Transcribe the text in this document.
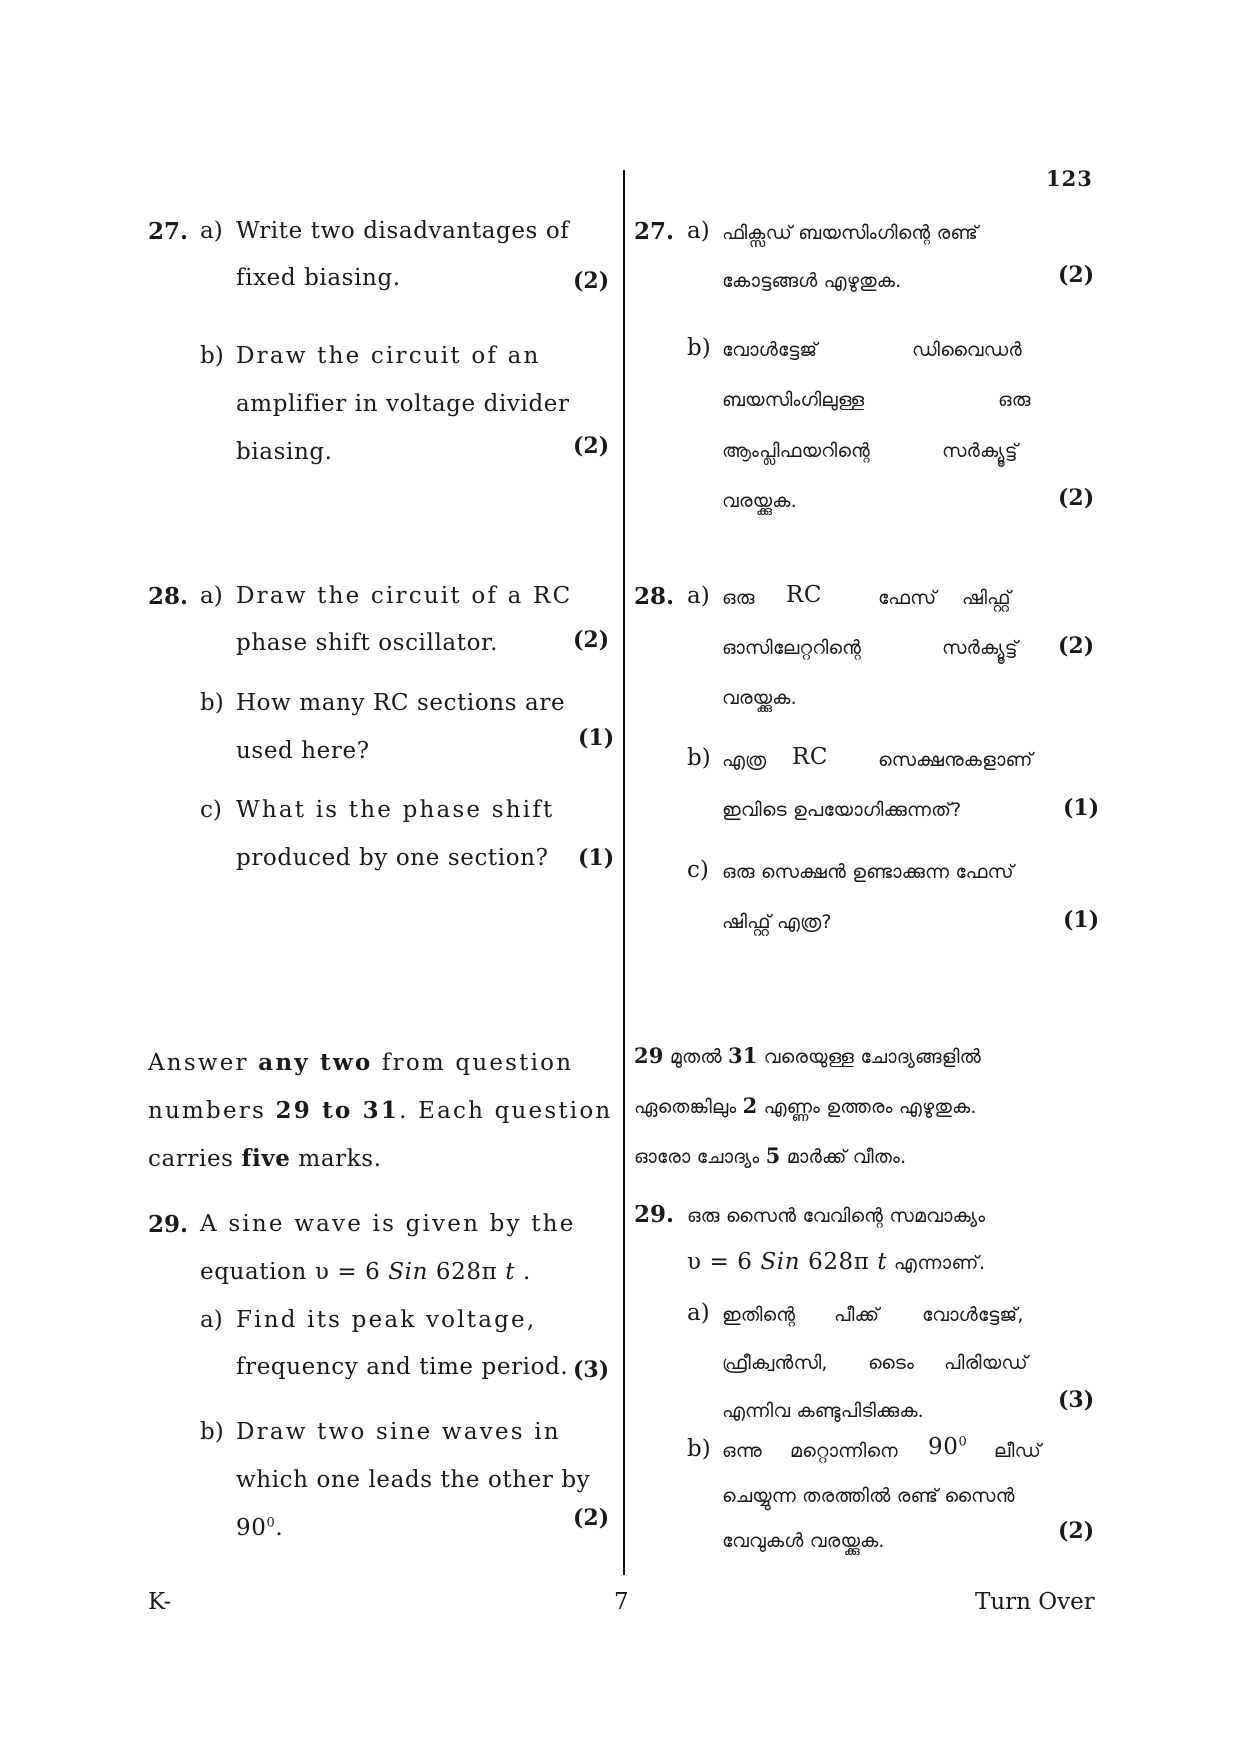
123
27. a) Write two disadvantages of
fixed biasing.	(2)
b) Draw the circuit of an
amplifier in voltage divider
biasing.	(2)
28. a) Draw the circuit of a RC
phase shift oscillator.	(2)
b) How many RC sections are
used here?	(1)
c) What is the phase shift
produced by one section? (1)
Answer any two from question
numbers 29 to 31. Each question
carries five marks.
29. A sine wave is given by the
equation υ = 6 Sin 628π t .
a) Find its peak voltage,
frequency and time period. (3)
b) Draw two sine waves in
which one leads the other by
$90^0$.	(2)
27. a) ഫിക്സഡ് ബയസിംഗിന്റെ രണ്ട്
കോട്ടങ്ങൾ എഴുതുക.	(2)
b) വോൾട്ടേജ്	ഡിവൈഡർ
ബയസിംഗിലുള്ള	ഒരു
ആംപ്ലിഫയറിന്റെ	സർക്യൂട്ട്
വരയ്ക്കുക.	(2)
28. a) ഒരു RC	ഫേസ് ഷിഫ്റ്റ്
ഓസിലേറ്ററിന്റെ	സർക്യൂട്ട് (2)
വരയ്ക്കുക.
b) എത്ര RC	സെക്ഷനുകളാണ്
ഇവിടെ ഉപയോഗിക്കുന്നത്?	(1)
c) ഒരു സെക്ഷൻ ഉണ്ടാക്കുന്ന ഫേസ്
ഷിഫ്റ്റ് എത്ര?	(1)
29 മുതൽ 31 വരെയുള്ള ചോദ്യങ്ങളിൽ
ഏതെങ്കിലും 2 എണ്ണം ഉത്തരം എഴുതുക.
ഓരോ ചോദ്യം 5 മാർക്ക് വീതം.
29. ഒരു സൈൻ വേവിന്റെ സമവാക്യം
υ = 6 Sin 628π t എന്നാണ്.
a) ഇതിന്റെ പീക്ക് വോൾട്ടേജ്,
ഫ്രീക്വൻസി, ടൈം പിരിയഡ്
എന്നിവ കണ്ടുപിടിക്കുക.	(3)
b) ഒന്നു മറ്റൊന്നിനെ $90^0$ ലീഡ്
ചെയ്യുന്ന തരത്തിൽ രണ്ട് സൈൻ
വേവുകൾ വരയ്ക്കുക.	(2)
K-	7	Turn Over
